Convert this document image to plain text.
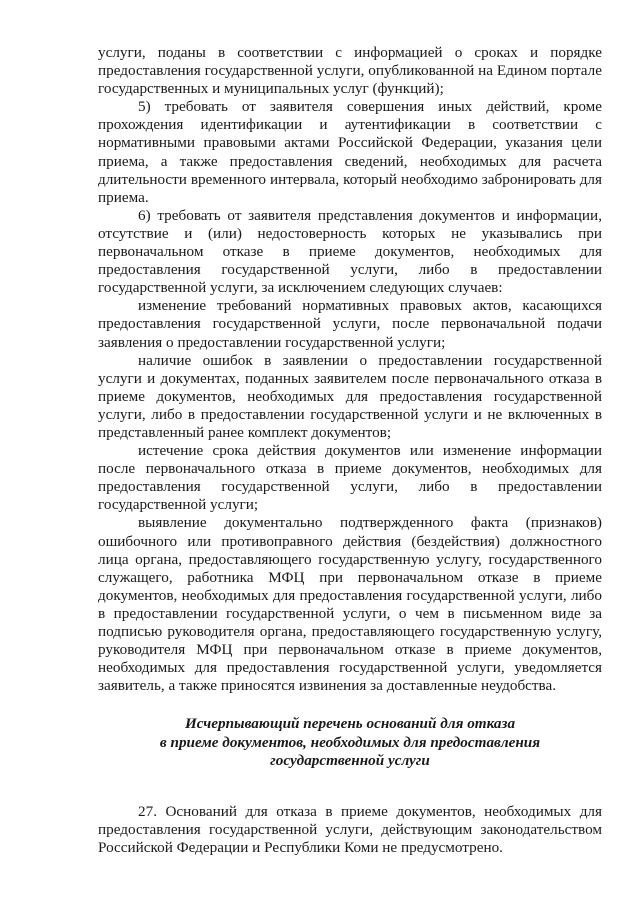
услуги, поданы в соответствии с информацией о сроках и порядке предоставления государственной услуги, опубликованной на Едином портале государственных и муниципальных услуг (функций);

5) требовать от заявителя совершения иных действий, кроме прохождения идентификации и аутентификации в соответствии с нормативными правовыми актами Российской Федерации, указания цели приема, а также предоставления сведений, необходимых для расчета длительности временного интервала, который необходимо забронировать для приема.

6) требовать от заявителя представления документов и информации, отсутствие и (или) недостоверность которых не указывались при первоначальном отказе в приеме документов, необходимых для предоставления государственной услуги, либо в предоставлении государственной услуги, за исключением следующих случаев:

изменение требований нормативных правовых актов, касающихся предоставления государственной услуги, после первоначальной подачи заявления о предоставлении государственной услуги;

наличие ошибок в заявлении о предоставлении государственной услуги и документах, поданных заявителем после первоначального отказа в приеме документов, необходимых для предоставления государственной услуги, либо в предоставлении государственной услуги и не включенных в представленный ранее комплект документов;

истечение срока действия документов или изменение информации после первоначального отказа в приеме документов, необходимых для предоставления государственной услуги, либо в предоставлении государственной услуги;

выявление документально подтвержденного факта (признаков) ошибочного или противоправного действия (бездействия) должностного лица органа, предоставляющего государственную услугу, государственного служащего, работника МФЦ при первоначальном отказе в приеме документов, необходимых для предоставления государственной услуги, либо в предоставлении государственной услуги, о чем в письменном виде за подписью руководителя органа, предоставляющего государственную услугу, руководителя МФЦ при первоначальном отказе в приеме документов, необходимых для предоставления государственной услуги, уведомляется заявитель, а также приносятся извинения за доставленные неудобства.

Исчерпывающий перечень оснований для отказа
в приеме документов, необходимых для предоставления
государственной услуги

27. Оснований для отказа в приеме документов, необходимых для предоставления государственной услуги, действующим законодательством Российской Федерации и Республики Коми не предусмотрено.
